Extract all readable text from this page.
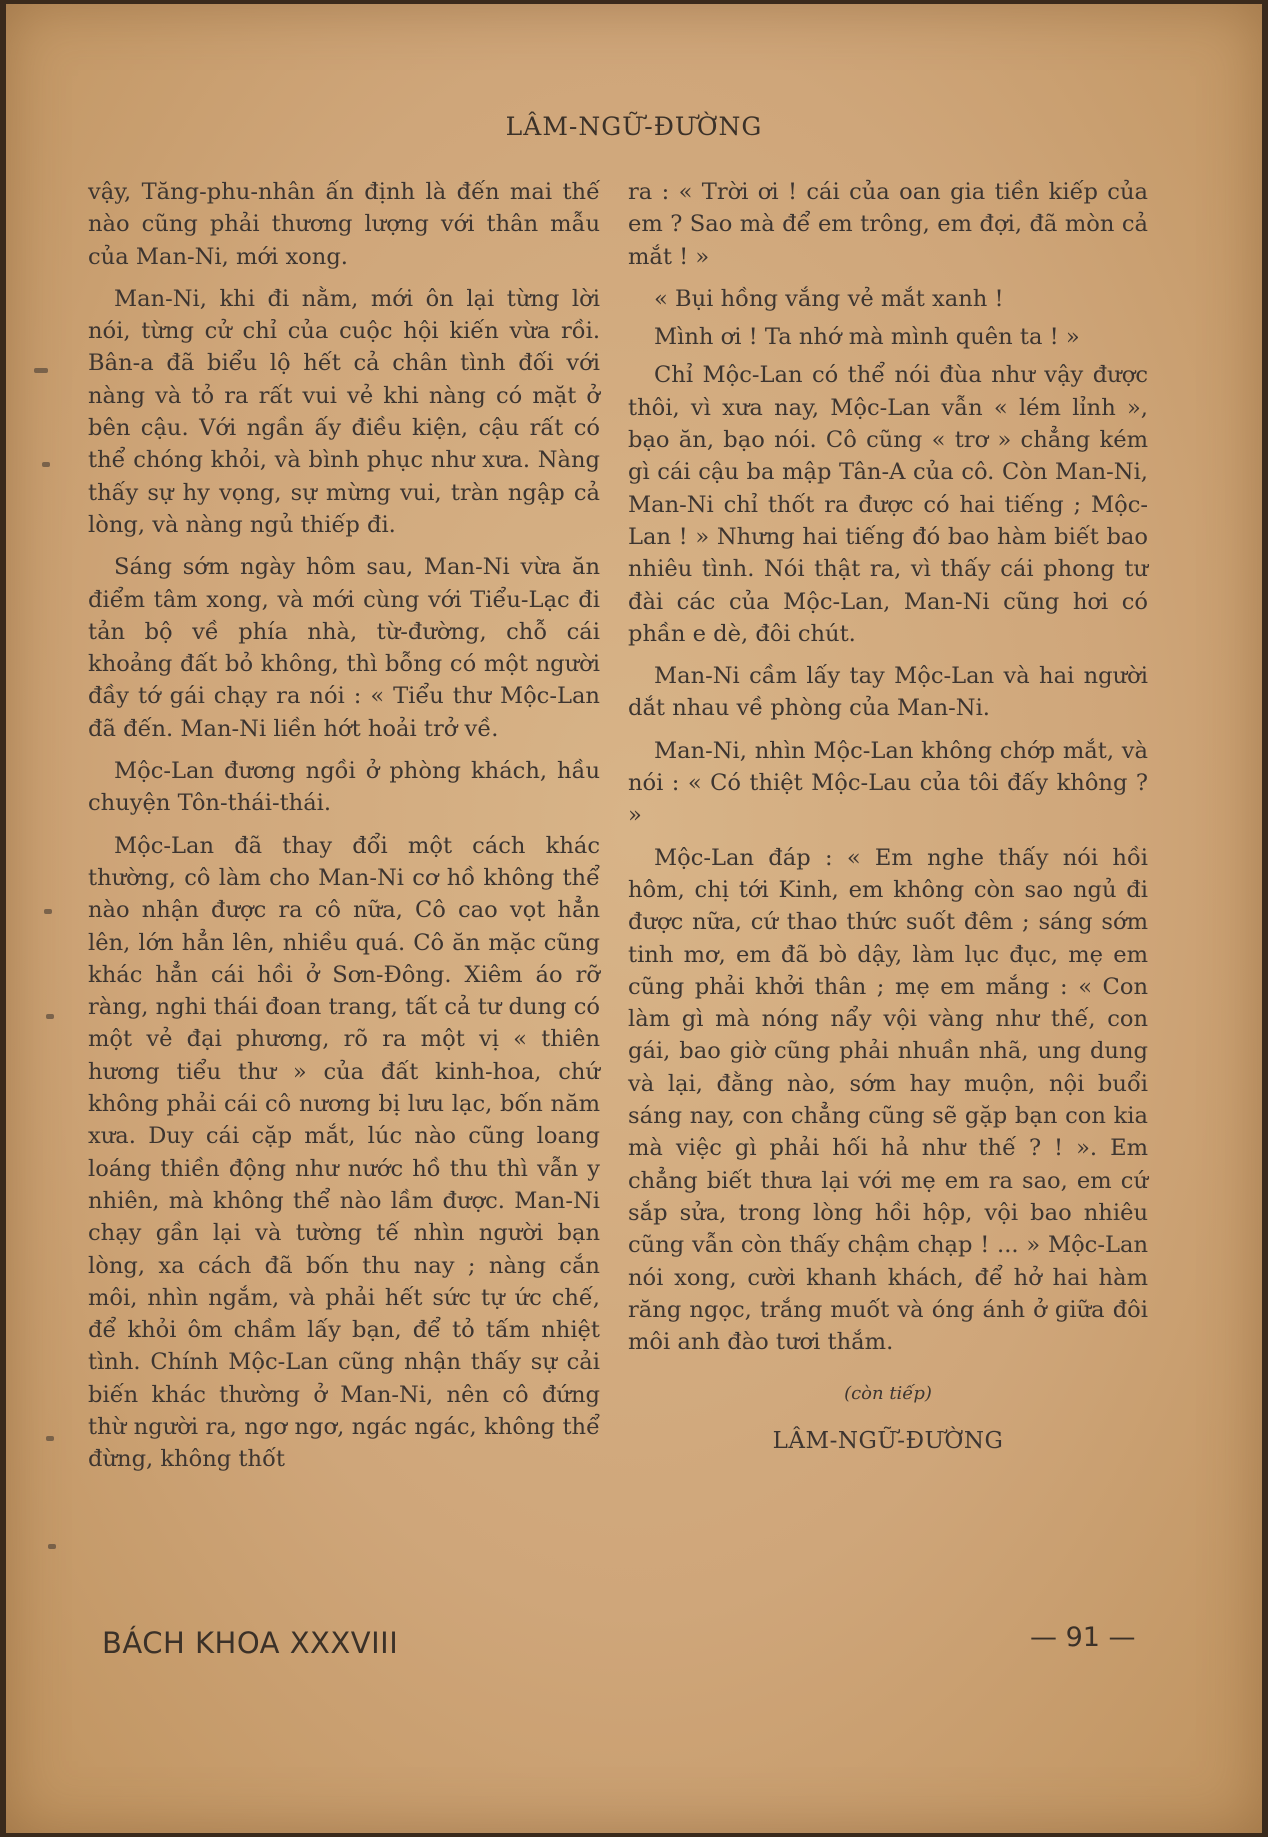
LÂM-NGỮ-ĐƯỜNG

vậy, Tăng-phu-nhân ấn định là đến mai thế nào cũng phải thương lượng với thân mẫu của Man-Ni, mới xong.

Man-Ni, khi đi nằm, mới ôn lại từng lời nói, từng cử chỉ của cuộc hội kiến vừa rồi. Bân-a đã biểu lộ hết cả chân tình đối với nàng và tỏ ra rất vui vẻ khi nàng có mặt ở bên cậu. Với ngần ấy điều kiện, cậu rất có thể chóng khỏi, và bình phục như xưa. Nàng thấy sự hy vọng, sự mừng vui, tràn ngập cả lòng, và nàng ngủ thiếp đi.

Sáng sớm ngày hôm sau, Man-Ni vừa ăn điểm tâm xong, và mới cùng với Tiểu-Lạc đi tản bộ về phía nhà, từ-đường, chỗ cái khoảng đất bỏ không, thì bỗng có một người đầy tớ gái chạy ra nói : « Tiểu thư Mộc-Lan đã đến. Man-Ni liền hớt hoải trở về.

Mộc-Lan đương ngồi ở phòng khách, hầu chuyện Tôn-thái-thái.

Mộc-Lan đã thay đổi một cách khác thường, cô làm cho Man-Ni cơ hồ không thể nào nhận được ra cô nữa, Cô cao vọt hẳn lên, lớn hẳn lên, nhiều quá. Cô ăn mặc cũng khác hẳn cái hồi ở Sơn-Đông. Xiêm áo rỡ ràng, nghi thái đoan trang, tất cả tư dung có một vẻ đại phương, rõ ra một vị « thiên hương tiểu thư » của đất kinh-hoa, chứ không phải cái cô nương bị lưu lạc, bốn năm xưa. Duy cái cặp mắt, lúc nào cũng loang loáng thiền động như nước hồ thu thì vẫn y nhiên, mà không thể nào lầm được. Man-Ni chạy gần lại và tường tế nhìn người bạn lòng, xa cách đã bốn thu nay ; nàng cắn môi, nhìn ngắm, và phải hết sức tự ức chế, để khỏi ôm chầm lấy bạn, để tỏ tấm nhiệt tình. Chính Mộc-Lan cũng nhận thấy sự cải biến khác thường ở Man-Ni, nên cô đứng thừ người ra, ngơ ngơ, ngác ngác, không thể đừng, không thốt

ra : « Trời ơi ! cái của oan gia tiền kiếp của em ? Sao mà để em trông, em đợi, đã mòn cả mắt ! »

« Bụi hồng vắng vẻ mắt xanh !

Mình ơi ! Ta nhớ mà mình quên ta ! »

Chỉ Mộc-Lan có thể nói đùa như vậy được thôi, vì xưa nay, Mộc-Lan vẫn « lém lỉnh », bạo ăn, bạo nói. Cô cũng « trơ » chẳng kém gì cái cậu ba mập Tân-A của cô. Còn Man-Ni, Man-Ni chỉ thốt ra được có hai tiếng ; Mộc-Lan ! » Nhưng hai tiếng đó bao hàm biết bao nhiêu tình. Nói thật ra, vì thấy cái phong tư đài các của Mộc-Lan, Man-Ni cũng hơi có phần e dè, đôi chút.

Man-Ni cầm lấy tay Mộc-Lan và hai người dắt nhau về phòng của Man-Ni.

Man-Ni, nhìn Mộc-Lan không chớp mắt, và nói : « Có thiệt Mộc-Lau của tôi đấy không ? »

Mộc-Lan đáp : « Em nghe thấy nói hồi hôm, chị tới Kinh, em không còn sao ngủ đi được nữa, cứ thao thức suốt đêm ; sáng sớm tinh mơ, em đã bò dậy, làm lục đục, mẹ em cũng phải khởi thân ; mẹ em mắng : « Con làm gì mà nóng nẩy vội vàng như thế, con gái, bao giờ cũng phải nhuần nhã, ung dung và lại, đằng nào, sớm hay muộn, nội buổi sáng nay, con chẳng cũng sẽ gặp bạn con kia mà việc gì phải hối hả như thế ? ! ». Em chẳng biết thưa lại với mẹ em ra sao, em cứ sắp sửa, trong lòng hồi hộp, vội bao nhiêu cũng vẫn còn thấy chậm chạp ! ... » Mộc-Lan nói xong, cười khanh khách, để hở hai hàm răng ngọc, trắng muốt và óng ánh ở giữa đôi môi anh đào tươi thắm.

(còn tiếp)

LÂM-NGỮ-ĐƯỜNG

BÁCH KHOA XXXVIII	— 91 —
